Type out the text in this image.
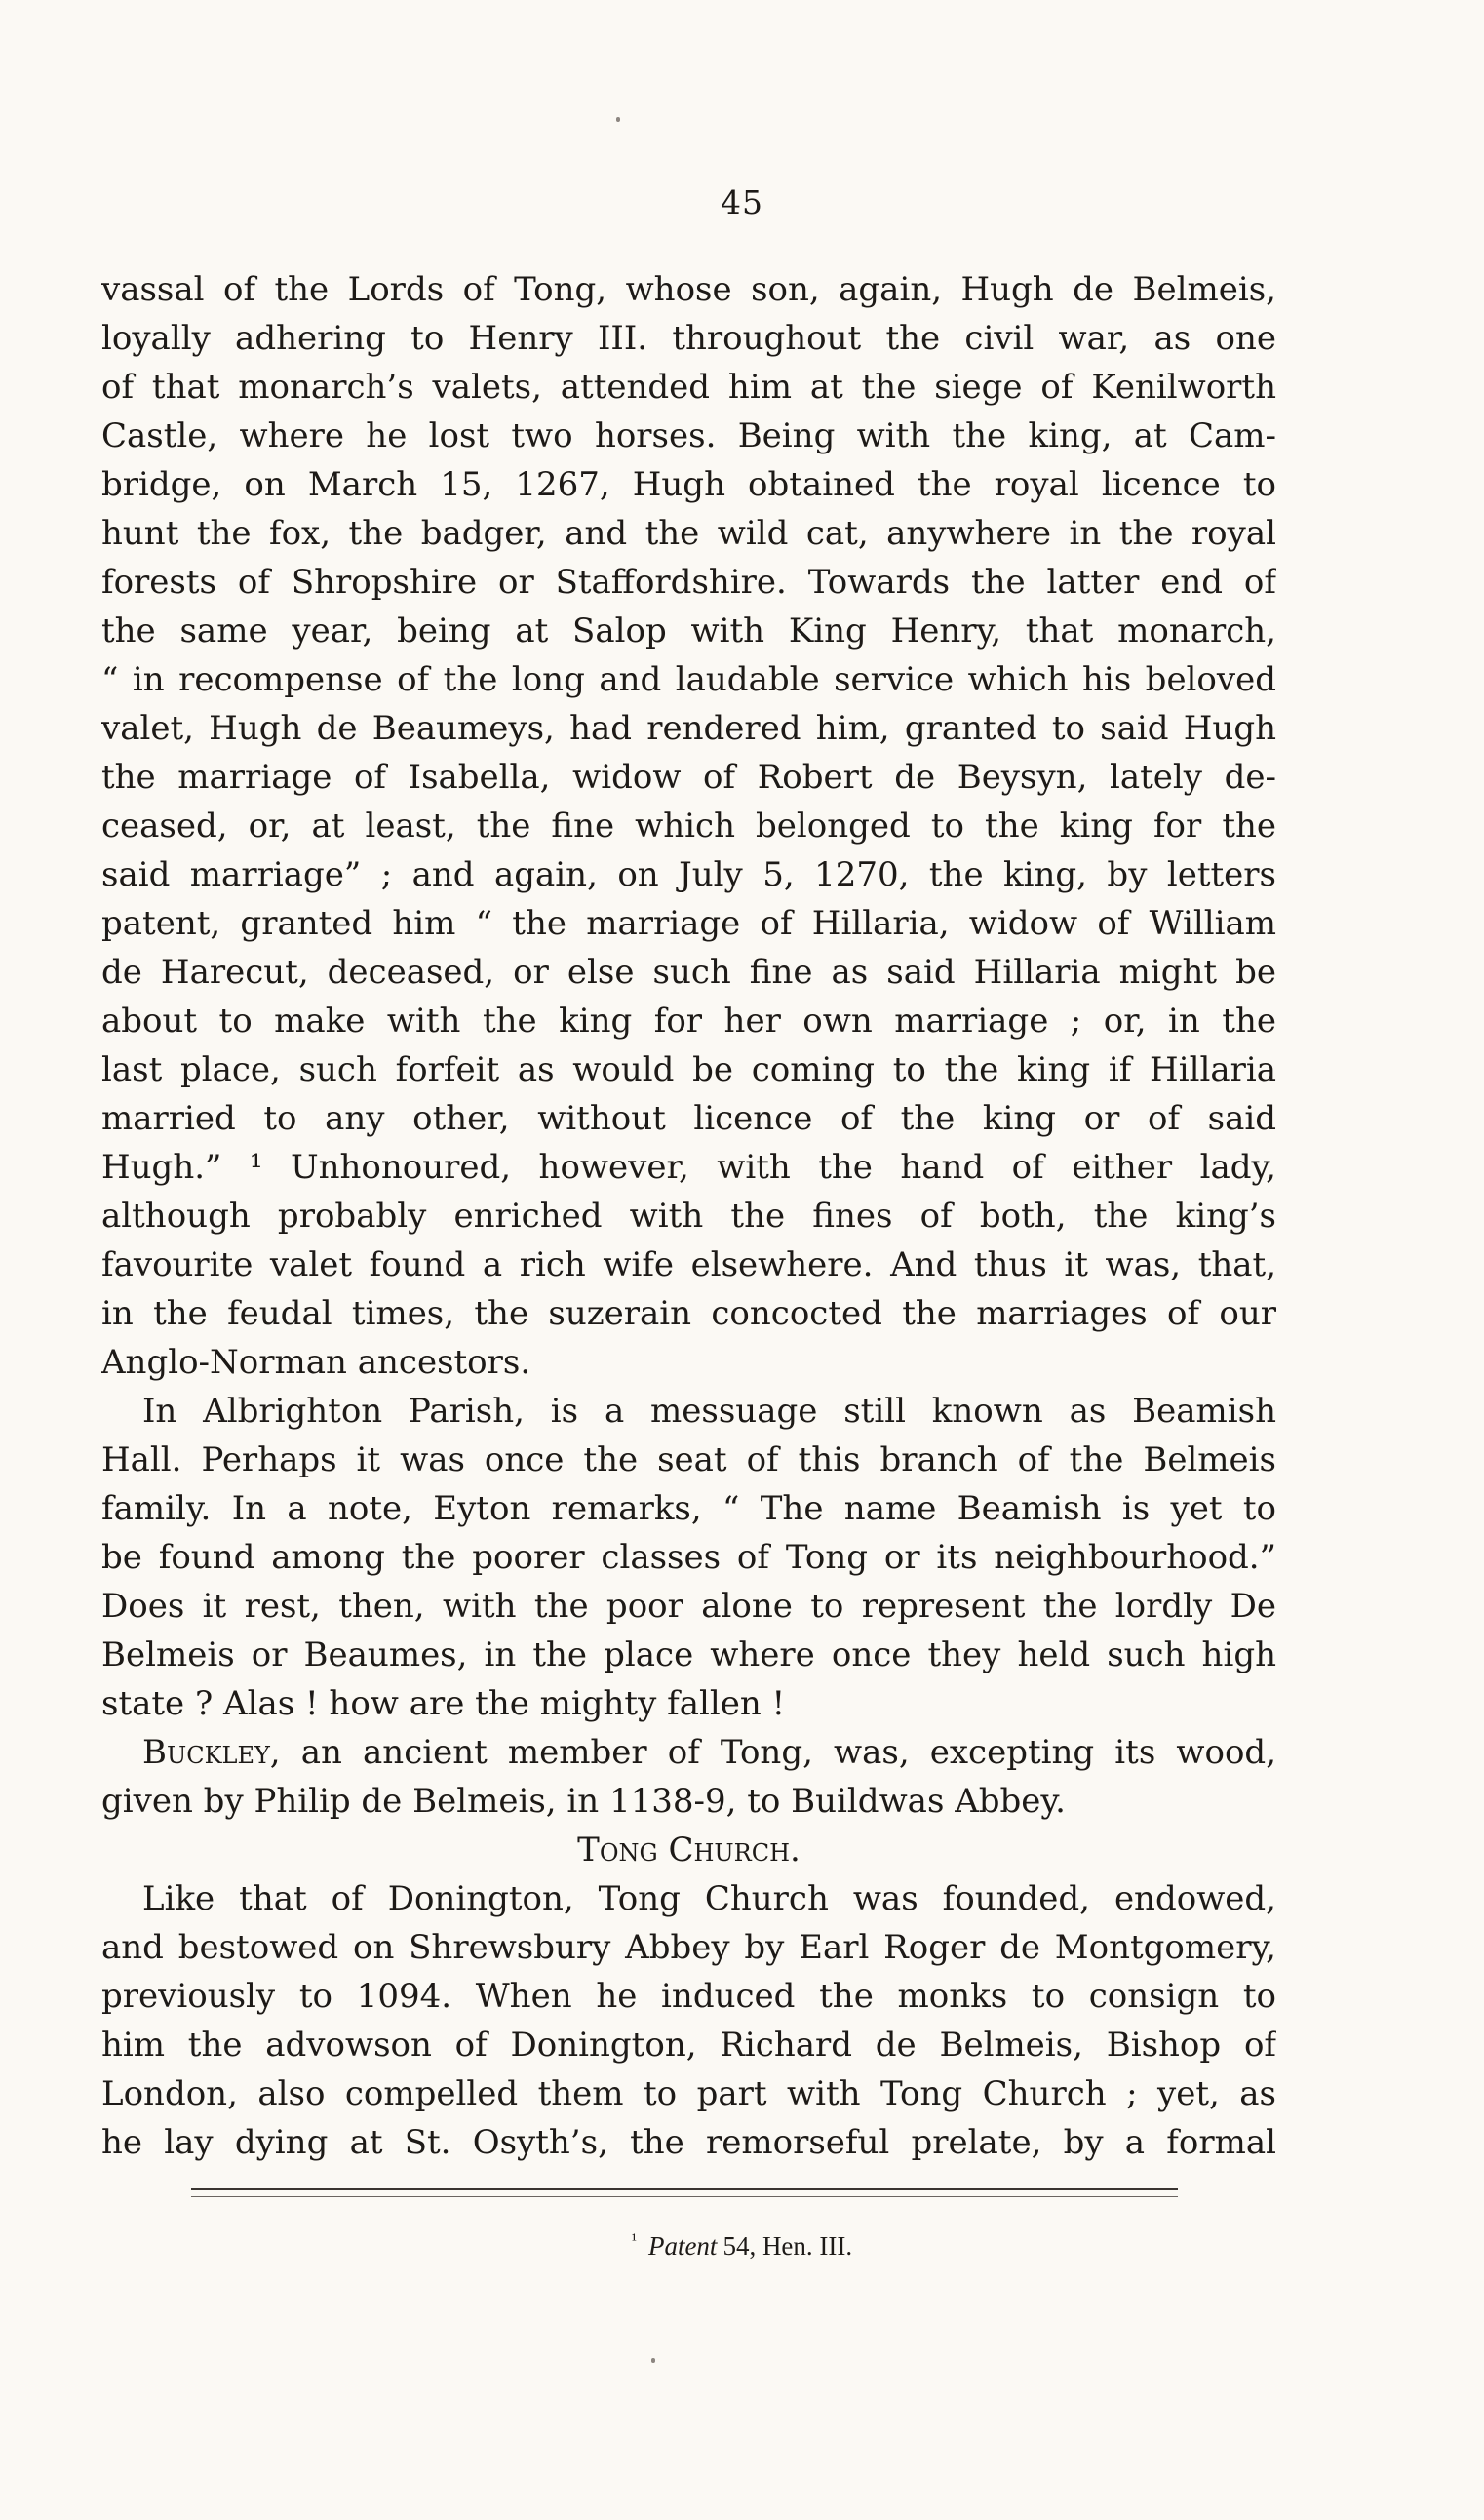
45
vassal of the Lords of Tong, whose son, again, Hugh de Belmeis,
loyally adhering to Henry III. throughout the civil war, as one
of that monarch’s valets, attended him at the siege of Kenilworth
Castle, where he lost two horses. Being with the king, at Cam-
bridge, on March 15, 1267, Hugh obtained the royal licence to
hunt the fox, the badger, and the wild cat, anywhere in the royal
forests of Shropshire or Staffordshire. Towards the latter end of
the same year, being at Salop with King Henry, that monarch,
“ in recompense of the long and laudable service which his beloved
valet, Hugh de Beaumeys, had rendered him, granted to said Hugh
the marriage of Isabella, widow of Robert de Beysyn, lately de-
ceased, or, at least, the fine which belonged to the king for the
said marriage” ; and again, on July 5, 1270, the king, by letters
patent, granted him “ the marriage of Hillaria, widow of William
de Harecut, deceased, or else such fine as said Hillaria might be
about to make with the king for her own marriage ; or, in the
last place, such forfeit as would be coming to the king if Hillaria
married to any other, without licence of the king or of said
Hugh.” ¹ Unhonoured, however, with the hand of either lady,
although probably enriched with the fines of both, the king’s
favourite valet found a rich wife elsewhere. And thus it was, that,
in the feudal times, the suzerain concocted the marriages of our
Anglo-Norman ancestors.
In Albrighton Parish, is a messuage still known as Beamish
Hall. Perhaps it was once the seat of this branch of the Belmeis
family. In a note, Eyton remarks, “ The name Beamish is yet to
be found among the poorer classes of Tong or its neighbourhood.”
Does it rest, then, with the poor alone to represent the lordly De
Belmeis or Beaumes, in the place where once they held such high
state ? Alas ! how are the mighty fallen !
Buckley, an ancient member of Tong, was, excepting its wood,
given by Philip de Belmeis, in 1138-9, to Buildwas Abbey.
Tong Church.
Like that of Donington, Tong Church was founded, endowed,
and bestowed on Shrewsbury Abbey by Earl Roger de Montgomery,
previously to 1094. When he induced the monks to consign to
him the advowson of Donington, Richard de Belmeis, Bishop of
London, also compelled them to part with Tong Church ; yet, as
he lay dying at St. Osyth’s, the remorseful prelate, by a formal
$^{^1}$ Patent 54, Hen. III.
